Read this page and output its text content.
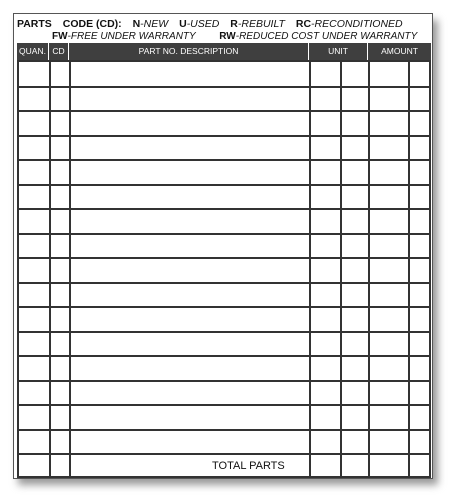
PARTS CODE (CD): N-NEW U-USED R-REBUILT RC-RECONDITIONED
FW-FREE UNDER WARRANTY RW-REDUCED COST UNDER WARRANTY
QUAN. CD	PART NO. DESCRIPTION	UNIT	AMOUNT
TOTAL PARTS
